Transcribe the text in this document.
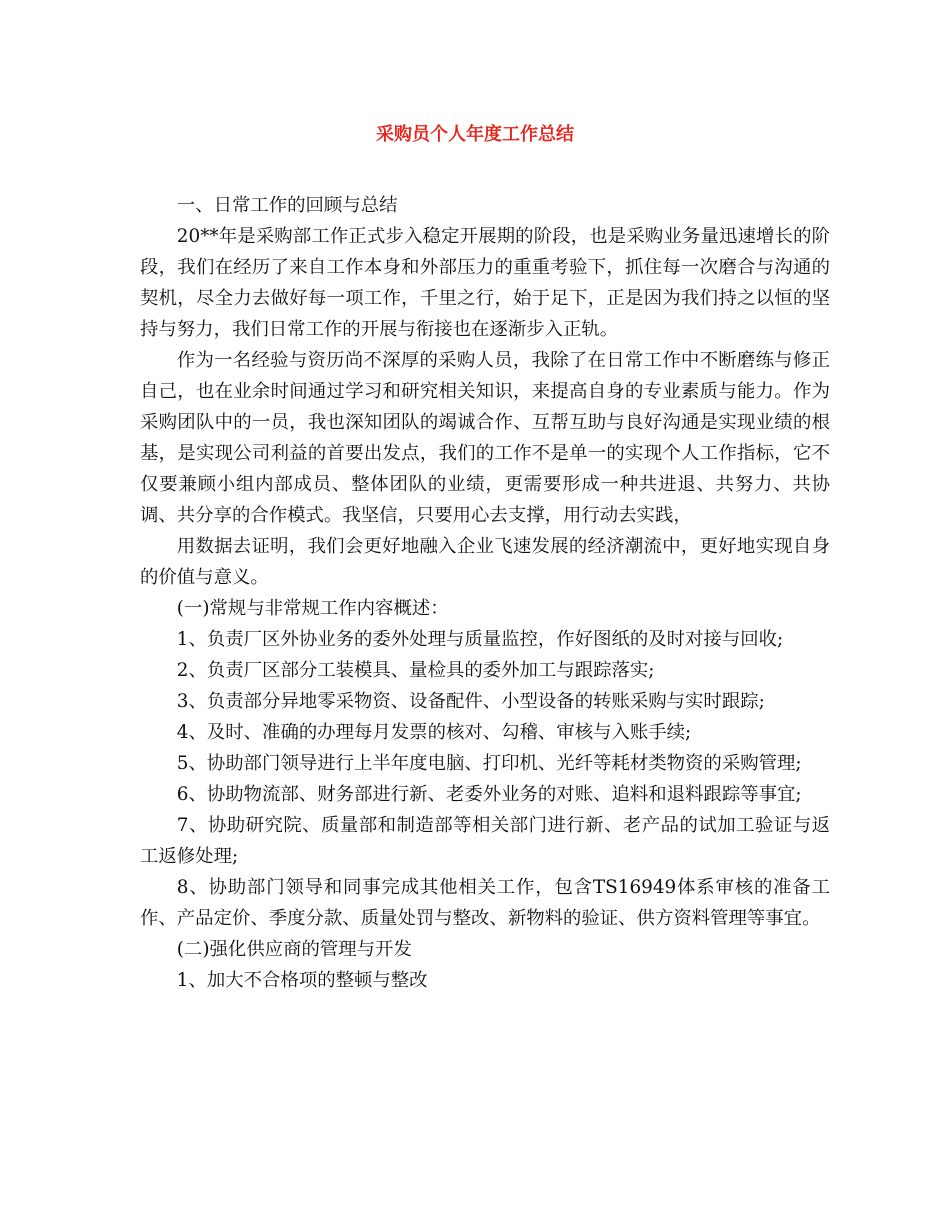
采购员个人年度工作总结

一、日常工作的回顾与总结

20**年是采购部工作正式步入稳定开展期的阶段，也是采购业务量迅速增长的阶段，我们在经历了来自工作本身和外部压力的重重考验下，抓住每一次磨合与沟通的契机，尽全力去做好每一项工作，千里之行，始于足下，正是因为我们持之以恒的坚持与努力，我们日常工作的开展与衔接也在逐渐步入正轨。

作为一名经验与资历尚不深厚的采购人员，我除了在日常工作中不断磨练与修正自己，也在业余时间通过学习和研究相关知识，来提高自身的专业素质与能力。作为采购团队中的一员，我也深知团队的竭诚合作、互帮互助与良好沟通是实现业绩的根基，是实现公司利益的首要出发点，我们的工作不是单一的实现个人工作指标，它不仅要兼顾小组内部成员、整体团队的业绩，更需要形成一种共进退、共努力、共协调、共分享的合作模式。我坚信，只要用心去支撑，用行动去实践，

用数据去证明，我们会更好地融入企业飞速发展的经济潮流中，更好地实现自身的价值与意义。

(一)常规与非常规工作内容概述：

1、负责厂区外协业务的委外处理与质量监控，作好图纸的及时对接与回收;

2、负责厂区部分工装模具、量检具的委外加工与跟踪落实;

3、负责部分异地零采物资、设备配件、小型设备的转账采购与实时跟踪;

4、及时、准确的办理每月发票的核对、勾稽、审核与入账手续;

5、协助部门领导进行上半年度电脑、打印机、光纤等耗材类物资的采购管理;

6、协助物流部、财务部进行新、老委外业务的对账、追料和退料跟踪等事宜;

7、协助研究院、质量部和制造部等相关部门进行新、老产品的试加工验证与返工返修处理;

8、协助部门领导和同事完成其他相关工作，包含TS16949体系审核的准备工作、产品定价、季度分款、质量处罚与整改、新物料的验证、供方资料管理等事宜。

(二)强化供应商的管理与开发

1、加大不合格项的整顿与整改
